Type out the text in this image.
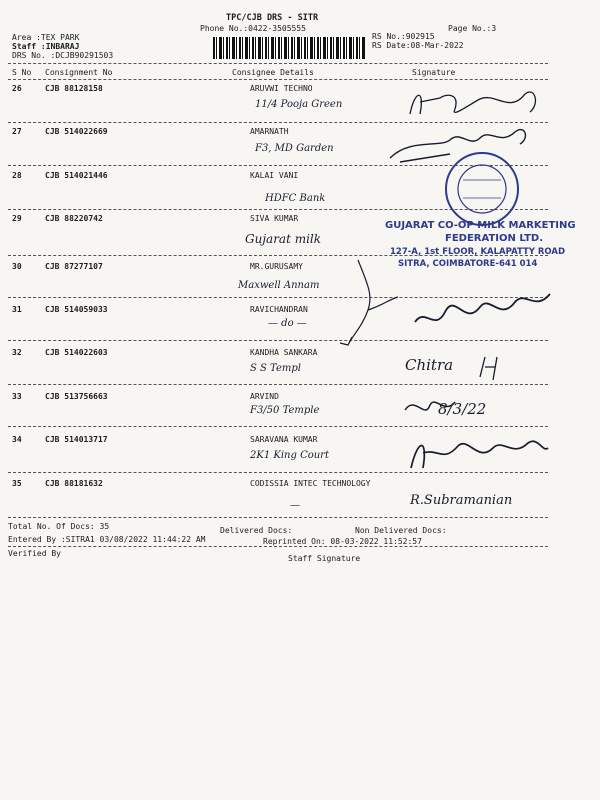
TPC/CJB DRS - SITR
Phone No.:0422-3505555	Page No.:3
Area :TEX PARK
Staff :INBARAJ
DRS No. :DCJB90291503
RS No.:902915
RS Date:08-Mar-2022
S No Consignment No	Consignee Details	Signature
26	CJB 88128158	ARUVWI TECHNO
11/4 Pooja Green
27	CJB 514022669	AMARNATH
F3, MD Garden
28	CJB 514021446	KALAI VANI
HDFC Bank
29	CJB 88220742	SIVA KUMAR
Gujarat milk
30	CJB 87277107	MR.GURUSAMY
Maxwell Annam
31	CJB 514059033	RAVICHANDRAN
— do —
32	CJB 514022603	KANDHA SANKARA
S S Templ
33	CJB 513756663	ARVIND
F3/50 Temple
34	CJB 514013717	SARAVANA KUMAR
2K1 King Court
35	CJB 88181632	CODISSIA INTEC TECHNOLOGY
—
GUJARAT CO-OP MILK MARKETING
FEDERATION LTD.
127-A, 1st FLOOR, KALAPATTY ROAD
SITRA, COIMBATORE-641 014
Chitra
8/3/22
R.Subramanian
Total No. Of Docs: 35	Delivered Docs:	Non Delivered Docs:
Entered By :SITRA1 03/08/2022 11:44:22 AM	Reprinted On: 08-03-2022 11:52:57
Verified By
Staff Signature
